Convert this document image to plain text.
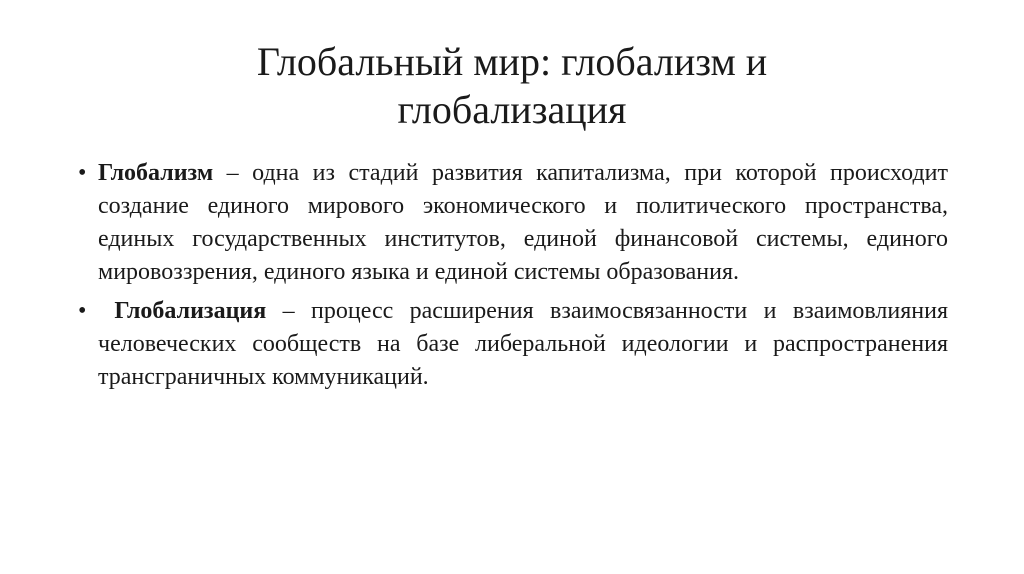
Глобальный мир: глобализм и глобализация
• Глобализм – одна из стадий развития капитализма, при которой происходит создание единого мирового экономического и политического пространства, единых государственных институтов, единой финансовой системы, единого мировоззрения, единого языка и единой системы образования.
• Глобализация – процесс расширения взаимосвязанности и взаимовлияния человеческих сообществ на базе либеральной идеологии и распространения трансграничных коммуникаций.
